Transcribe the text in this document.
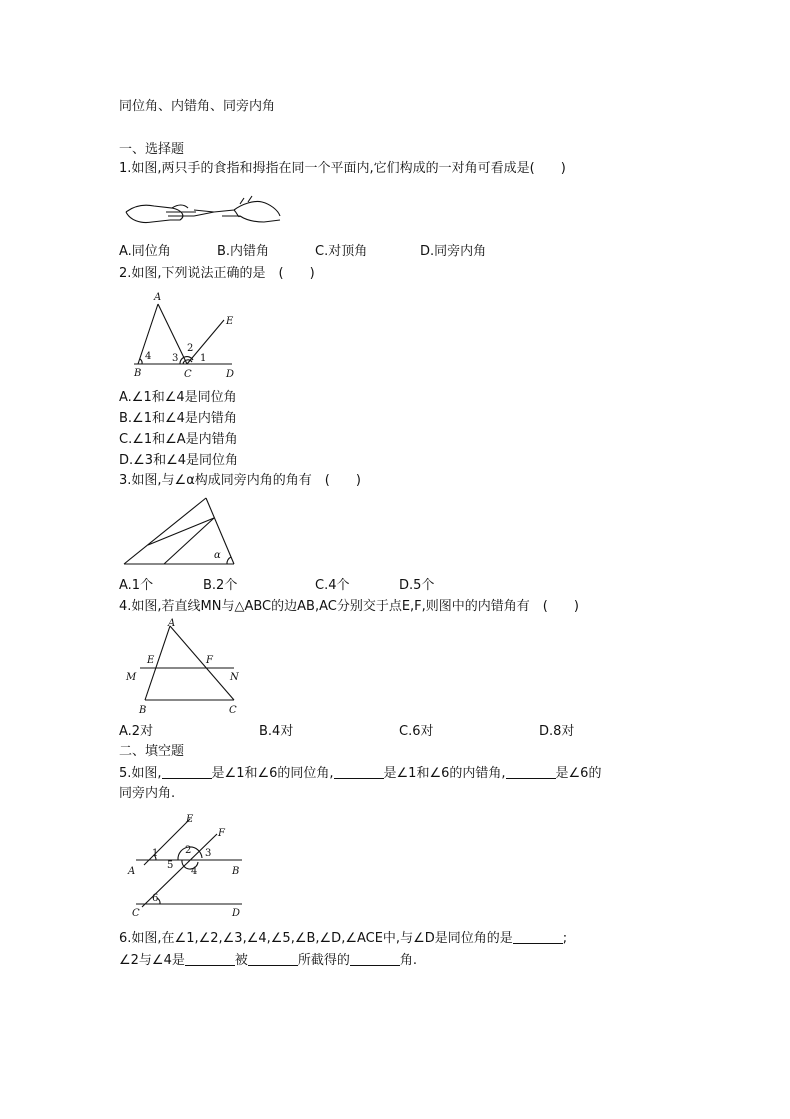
同位角、内错角、同旁内角
一、选择题
1.如图,两只手的食指和拇指在同一个平面内,它们构成的一对角可看成是(　　)
A.同位角	B.内错角	C.对顶角	D.同旁内角
2.如图,下列说法正确的是　(　　)
A
E
B	C	D
4 3
2
1
A.∠1和∠4是同位角
B.∠1和∠4是内错角
C.∠1和∠A是内错角
D.∠3和∠4是同位角
3.如图,与∠α构成同旁内角的角有　(　　)
α
A.1个	B.2个	C.4个	D.5个
4.如图,若直线MN与△ABC的边AB,AC分别交于点E,F,则图中的内错角有　(　　)
A
E	F
M	N
B	C
A.2对	B.4对	C.6对	D.8对
二、填空题
5.如图,	是∠1和∠6的同位角,	是∠1和∠6的内错角,	是∠6的
同旁内角.
E
F
1	2 3
5
4
6
A	B
C	D
6.如图,在∠1,∠2,∠3,∠4,∠5,∠B,∠D,∠ACE中,与∠D是同位角的是	;
∠2与∠4是	被	所截得的	角.
